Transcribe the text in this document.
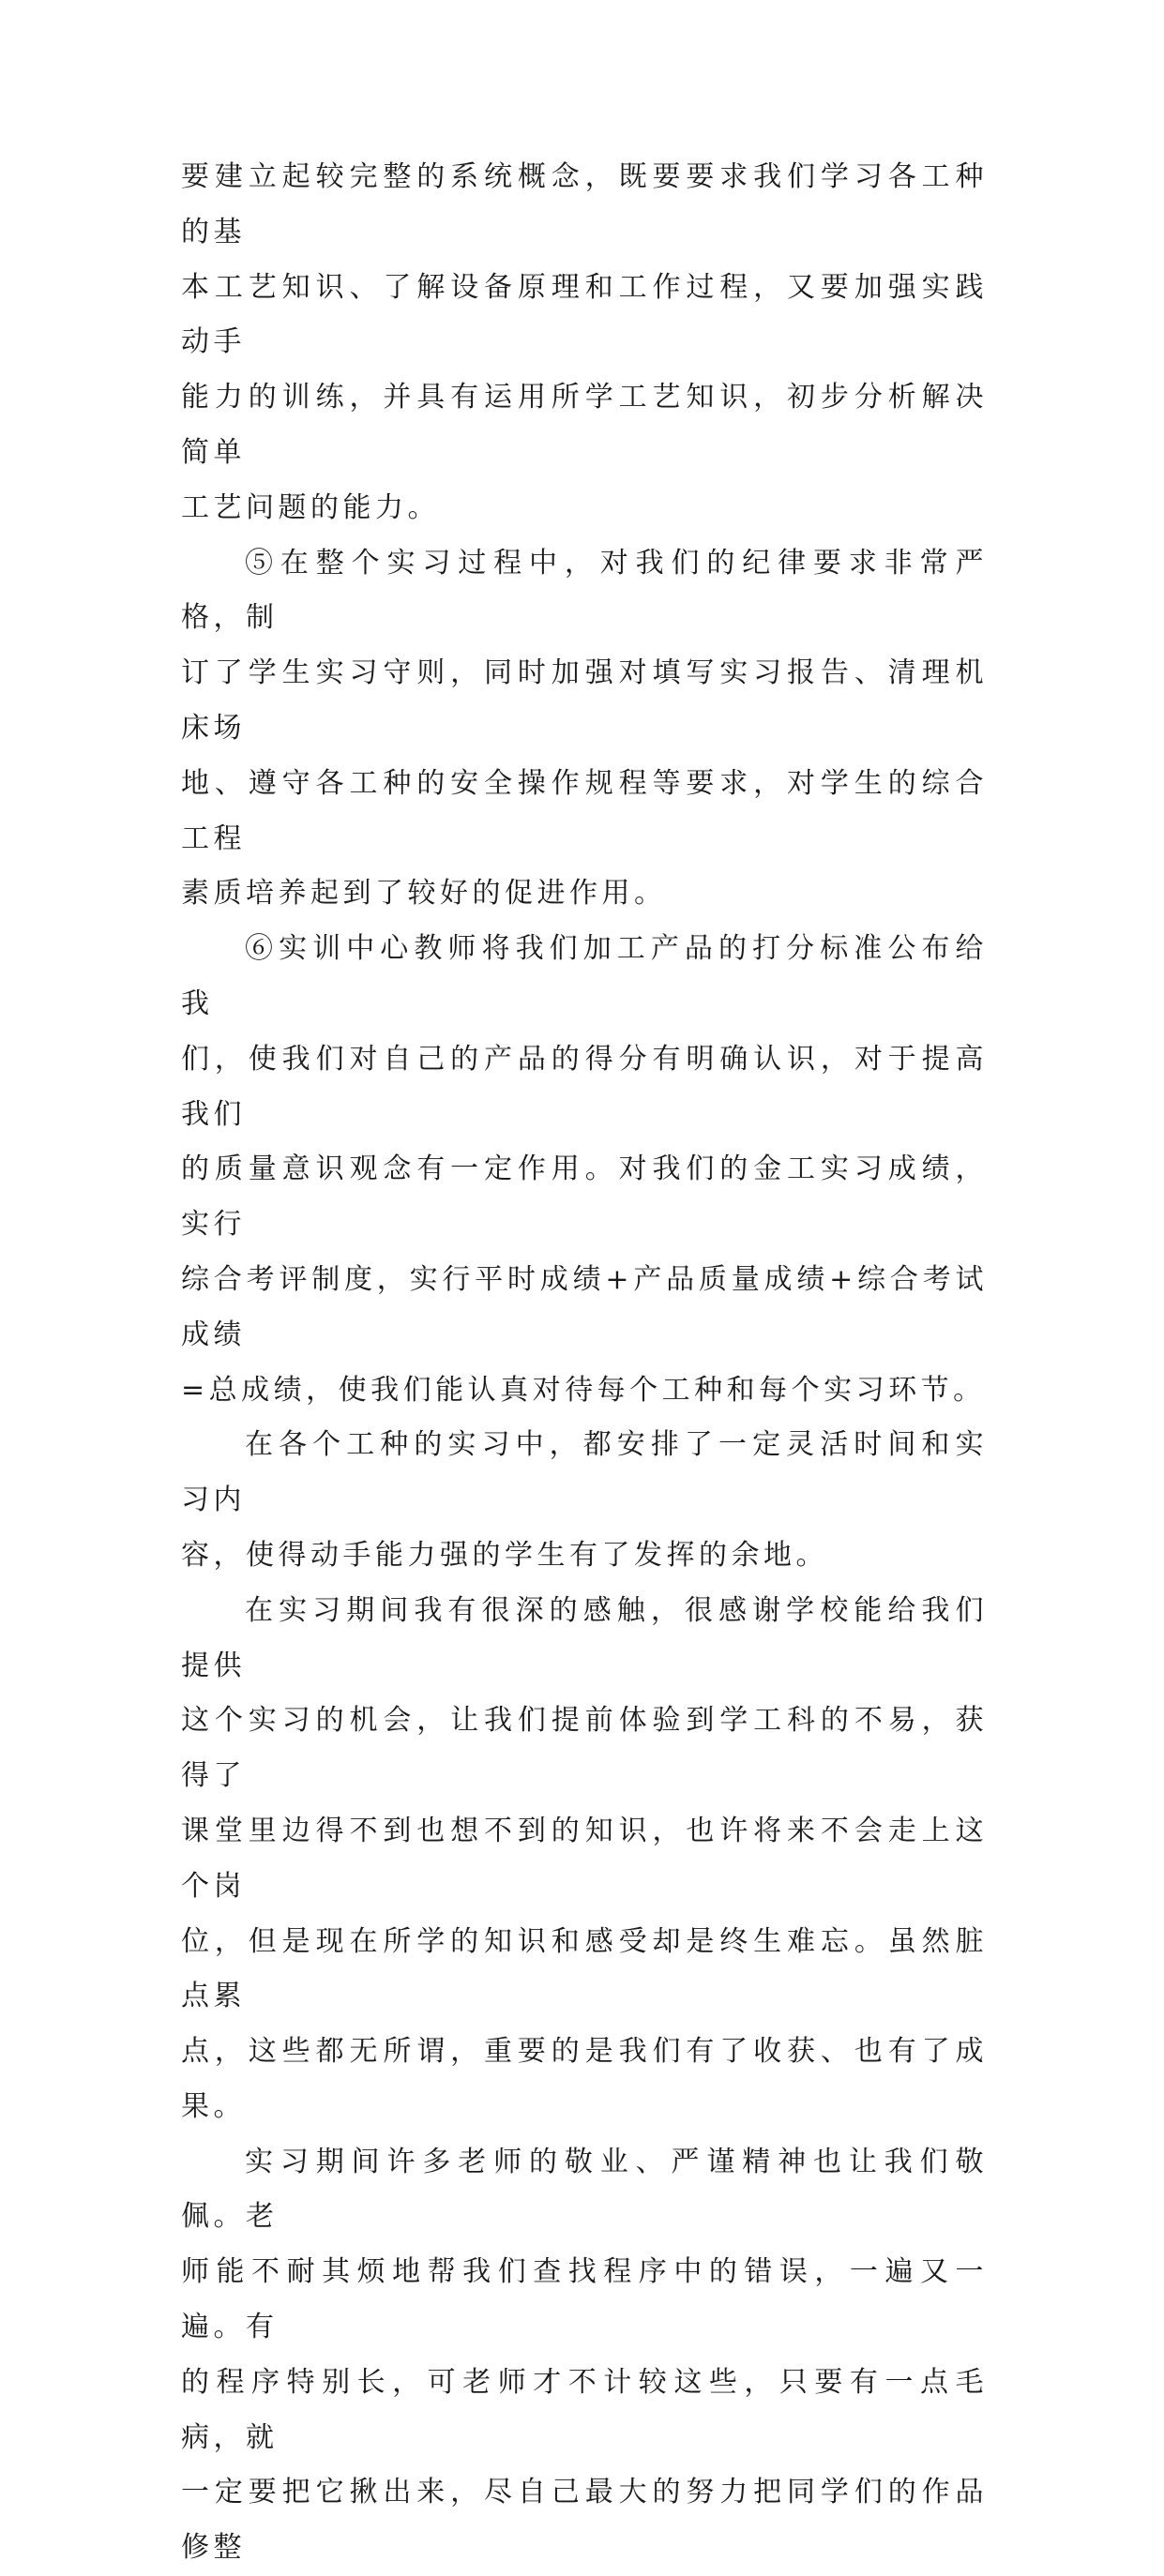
要建立起较完整的系统概念，既要要求我们学习各工种的基
本工艺知识、了解设备原理和工作过程，又要加强实践动手
能力的训练，并具有运用所学工艺知识，初步分析解决简单
工艺问题的能力。
⑤在整个实习过程中，对我们的纪律要求非常严格，制
订了学生实习守则，同时加强对填写实习报告、清理机床场
地、遵守各工种的安全操作规程等要求，对学生的综合工程
素质培养起到了较好的促进作用。
⑥实训中心教师将我们加工产品的打分标准公布给我
们，使我们对自己的产品的得分有明确认识，对于提高我们
的质量意识观念有一定作用。对我们的金工实习成绩，实行
综合考评制度，实行平时成绩+产品质量成绩+综合考试成绩
=总成绩，使我们能认真对待每个工种和每个实习环节。
在各个工种的实习中，都安排了一定灵活时间和实习内
容，使得动手能力强的学生有了发挥的余地。
在实习期间我有很深的感触，很感谢学校能给我们提供
这个实习的机会，让我们提前体验到学工科的不易，获得了
课堂里边得不到也想不到的知识，也许将来不会走上这个岗
位，但是现在所学的知识和感受却是终生难忘。虽然脏点累
点，这些都无所谓，重要的是我们有了收获、也有了成果。
实习期间许多老师的敬业、严谨精神也让我们敬佩。老
师能不耐其烦地帮我们查找程序中的错误，一遍又一遍。有
的程序特别长，可老师才不计较这些，只要有一点毛病，就
一定要把它揪出来，尽自己最大的努力把同学们的作品修整
